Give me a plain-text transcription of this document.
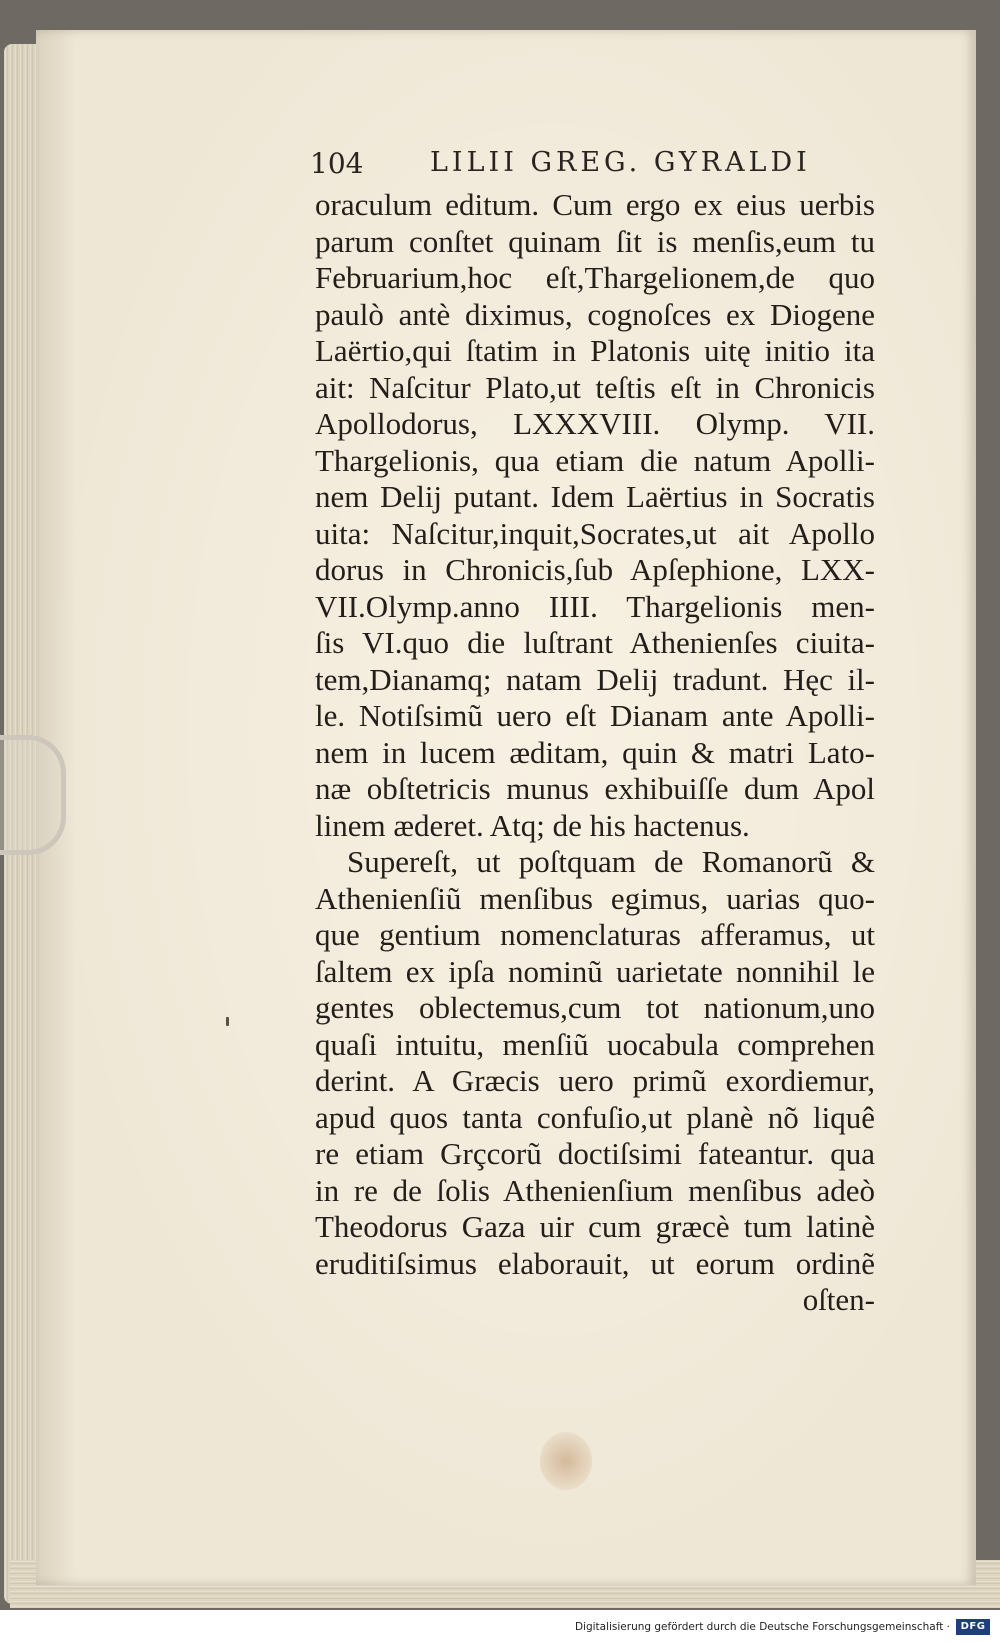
104 LILII GREG. GYRALDI
oraculum editum. Cum ergo ex eius uerbis
parum conſtet quinam ſit is menſis,eum tu
Februarium,hoc eſt,Thargelionem,de quo
paulò antè diximus, cognoſces ex Diogene
Laërtio,qui ſtatim in Platonis uitę initio ita
ait: Naſcitur Plato,ut teſtis eſt in Chronicis
Apollodorus, LXXXVIII. Olymp. VII.
Thargelionis, qua etiam die natum Apolli-
nem Delij putant. Idem Laërtius in Socratis
uita: Naſcitur,inquit,Socrates,ut ait Apollo
dorus in Chronicis,ſub Apſephione, LXX-
VII.Olymp.anno IIII. Thargelionis men-
ſis VI.quo die luſtrant Athenienſes ciuita-
tem,Dianamq; natam Delij tradunt. Hęc il-
le. Notiſsimũ uero eſt Dianam ante Apolli-
nem in lucem æditam, quin & matri Lato-
næ obſtetricis munus exhibuiſſe dum Apol
linem æderet. Atq; de his hactenus.
Supereſt, ut poſtquam de Romanorũ &
Athenienſiũ menſibus egimus, uarias quo-
que gentium nomenclaturas afferamus, ut
ſaltem ex ipſa nominũ uarietate nonnihil le
gentes oblectemus,cum tot nationum,uno
quaſi intuitu, menſiũ uocabula comprehen
derint. A Græcis uero primũ exordiemur,
apud quos tanta confuſio,ut planè nõ liquê
re etiam Grçcorũ doctiſsimi fateantur. qua
in re de ſolis Athenienſium menſibus adeò
Theodorus Gaza uir cum græcè tum latinè
eruditiſsimus elaborauit, ut eorum ordinẽ
oſten-
Digitalisierung gefördert durch die Deutsche Forschungsgemeinschaft ·	DFG
